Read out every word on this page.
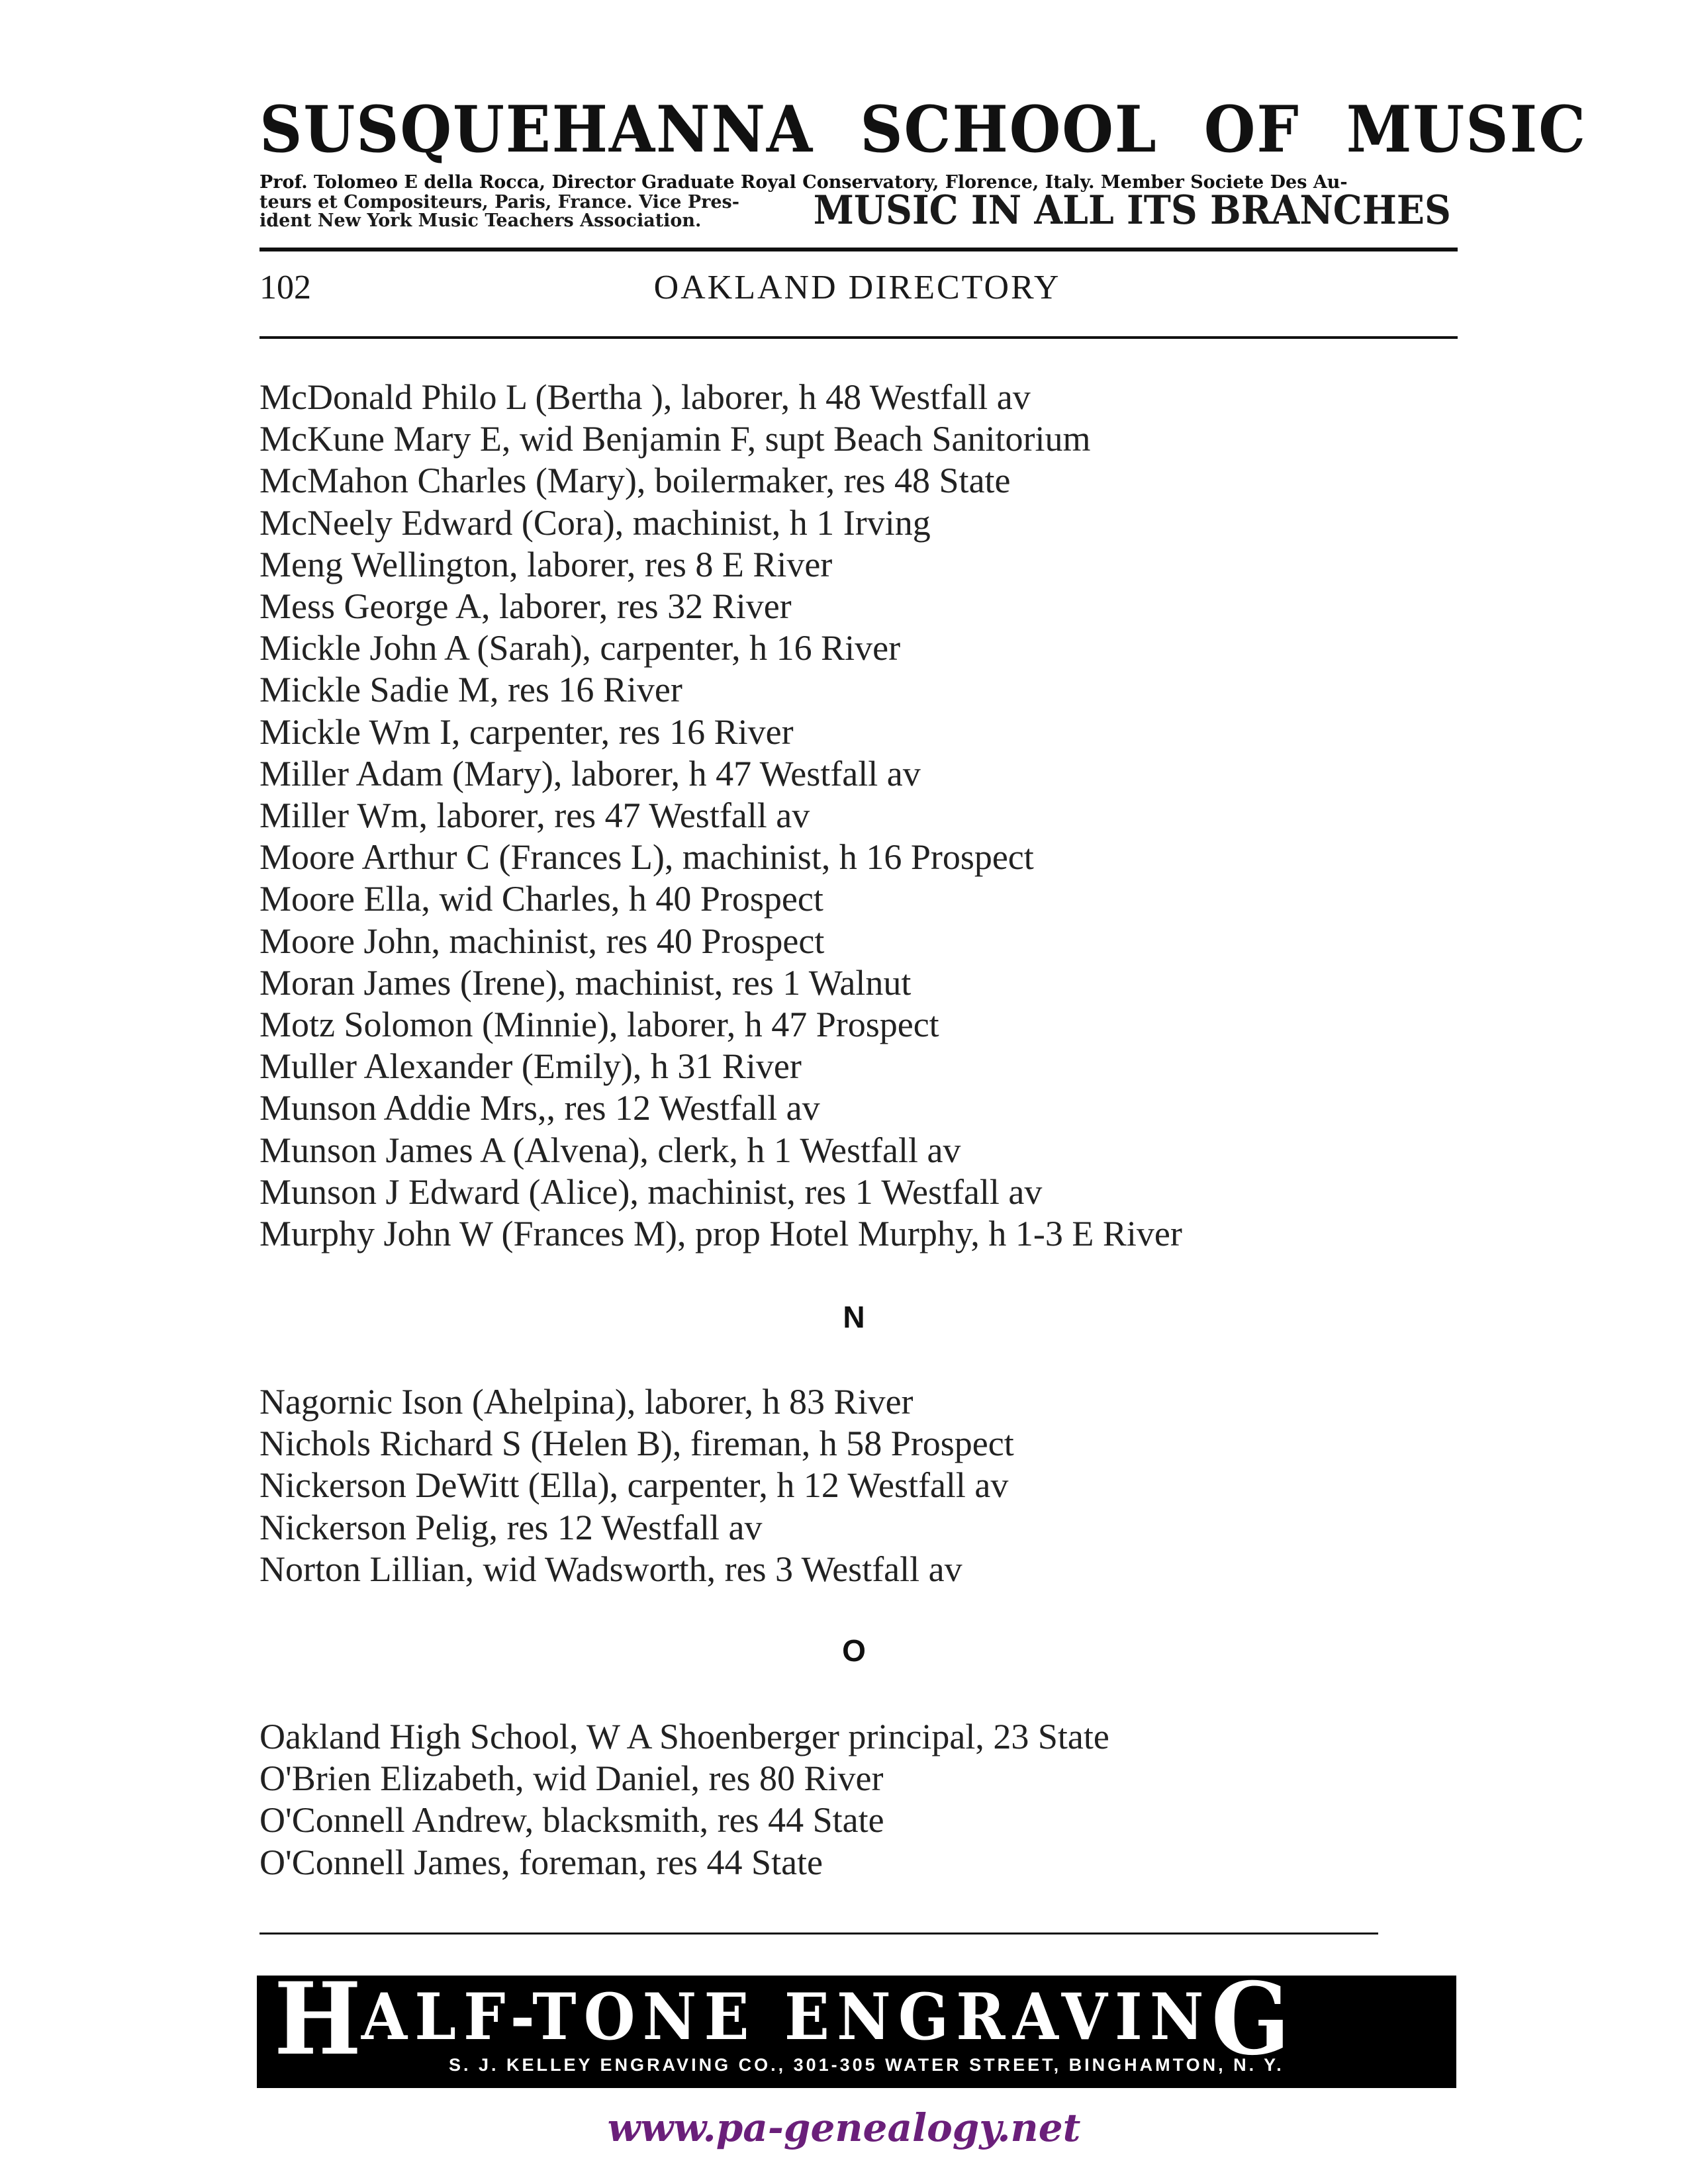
SUSQUEHANNA SCHOOL OF MUSIC
Prof. Tolomeo E della Rocca, Director Graduate Royal Conservatory, Florence, Italy. Member Societe Des Au-
teurs et Compositeurs, Paris, France. Vice Pres-
ident New York Music Teachers Association.	MUSIC IN ALL ITS BRANCHES
102	OAKLAND DIRECTORY
McDonald Philo L (Bertha ), laborer, h 48 Westfall av
McKune Mary E, wid Benjamin F, supt Beach Sanitorium
McMahon Charles (Mary), boilermaker, res 48 State
McNeely Edward (Cora), machinist, h 1 Irving
Meng Wellington, laborer, res 8 E River
Mess George A, laborer, res 32 River
Mickle John A (Sarah), carpenter, h 16 River
Mickle Sadie M, res 16 River
Mickle Wm I, carpenter, res 16 River
Miller Adam (Mary), laborer, h 47 Westfall av
Miller Wm, laborer, res 47 Westfall av
Moore Arthur C (Frances L), machinist, h 16 Prospect
Moore Ella, wid Charles, h 40 Prospect
Moore John, machinist, res 40 Prospect
Moran James (Irene), machinist, res 1 Walnut
Motz Solomon (Minnie), laborer, h 47 Prospect
Muller Alexander (Emily), h 31 River
Munson Addie Mrs,, res 12 Westfall av
Munson James A (Alvena), clerk, h 1 Westfall av
Munson J Edward (Alice), machinist, res 1 Westfall av
Murphy John W (Frances M), prop Hotel Murphy, h 1-3 E River
N
Nagornic Ison (Ahelpina), laborer, h 83 River
Nichols Richard S (Helen B), fireman, h 58 Prospect
Nickerson DeWitt (Ella), carpenter, h 12 Westfall av
Nickerson Pelig, res 12 Westfall av
Norton Lillian, wid Wadsworth, res 3 Westfall av
O
Oakland High School, W A Shoenberger principal, 23 State
O'Brien Elizabeth, wid Daniel, res 80 River
O'Connell Andrew, blacksmith, res 44 State
O'Connell James, foreman, res 44 State
HALF-TONE ENGRAVING
S. J. KELLEY ENGRAVING CO., 301-305 WATER STREET, BINGHAMTON, N. Y.
www.pa-genealogy.net
